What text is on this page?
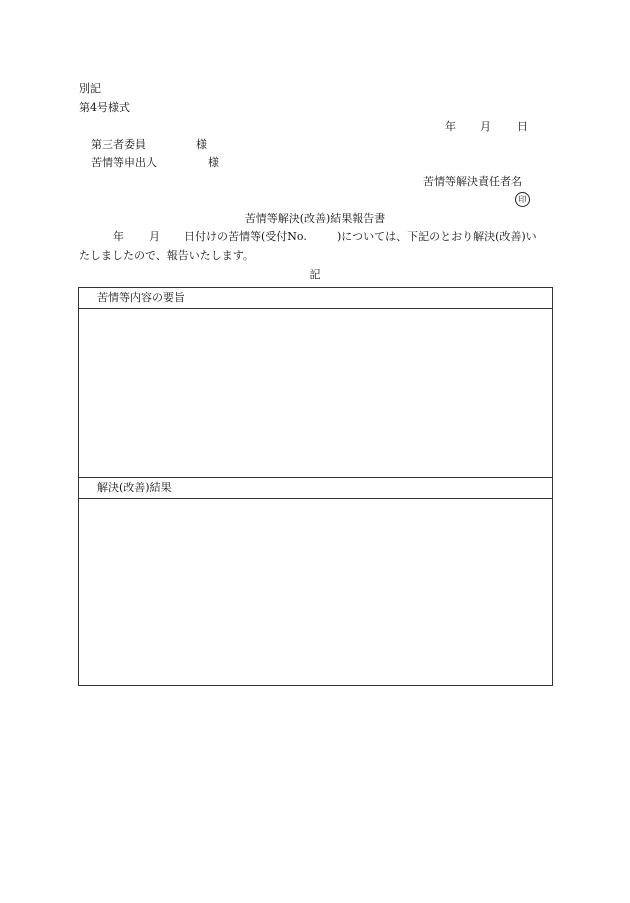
別記
第4号様式
年 月 日
第三者委員	様
苦情等申出人	様
苦情等解決責任者名
印
苦情等解決(改善)結果報告書
年 月 日付けの苦情等(受付No.	)については、下記のとおり解決(改善)い
たしましたので、報告いたします。
記
苦情等内容の要旨
解決(改善)結果
